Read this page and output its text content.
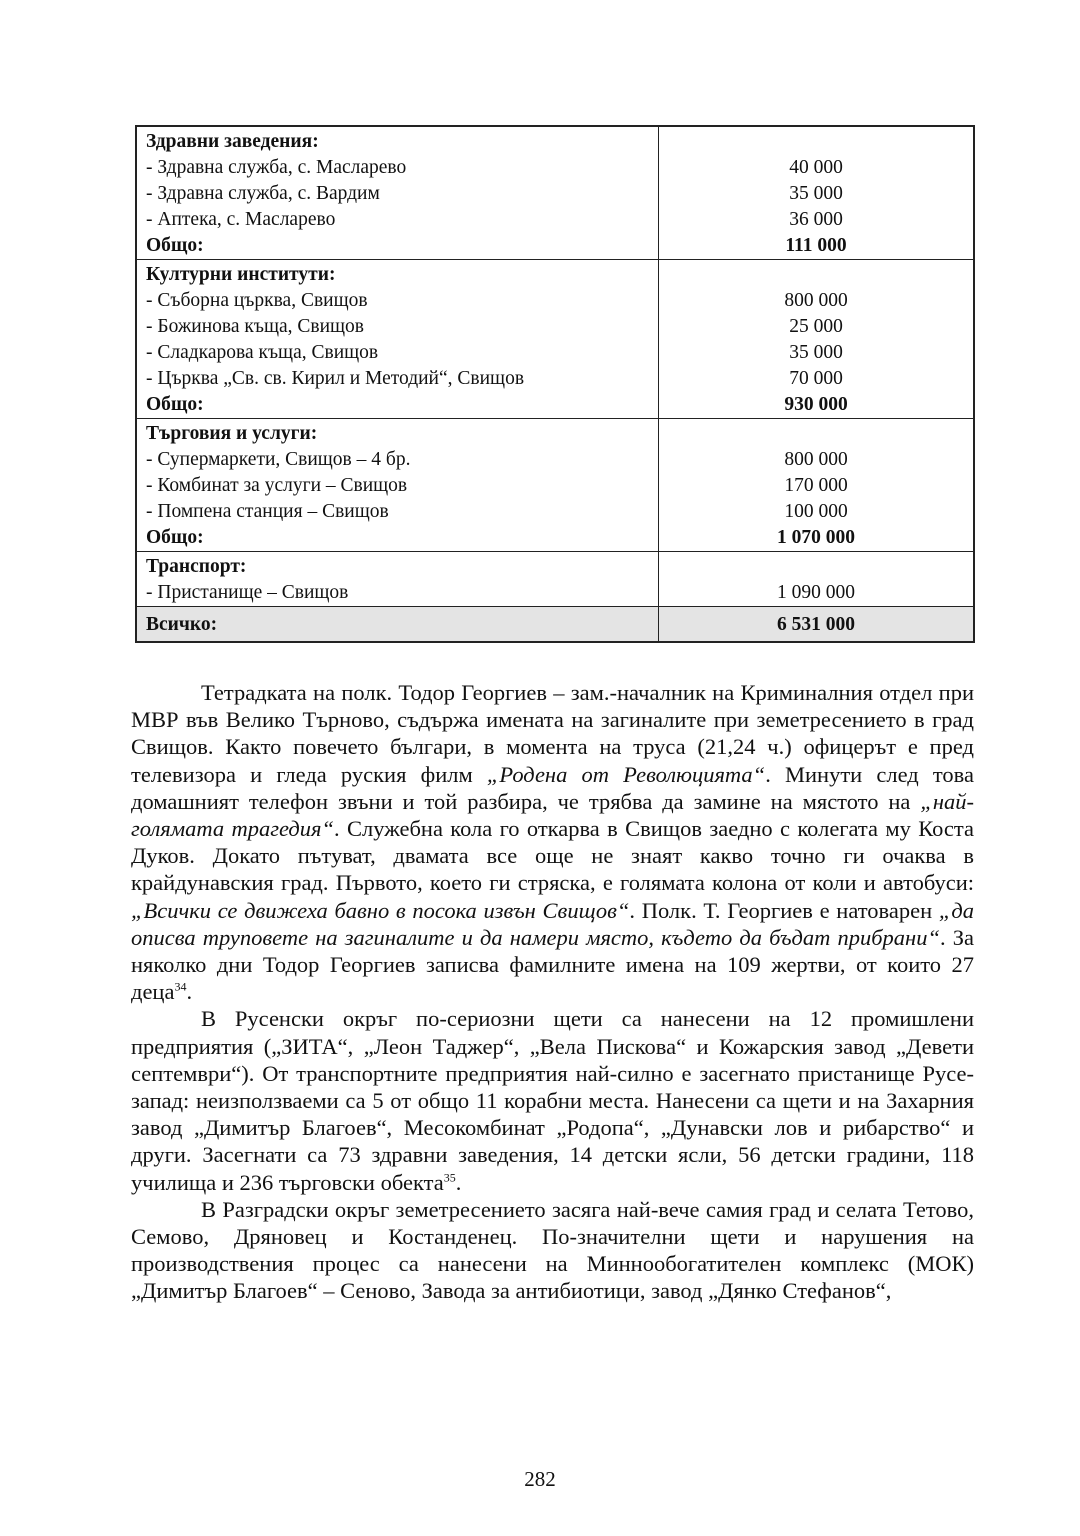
Здравни заведения:
- Здравна служба, с. Масларево
- Здравна служба, с. Вардим
- Аптека, с. Масларево
Общо:
40 000
35 000
36 000
111 000
Културни институти:
- Съборна църква, Свищов
- Божинова къща, Свищов
- Сладкарова къща, Свищов
- Църква „Св. св. Кирил и Методий“, Свищов
Общо:
800 000
25 000
35 000
70 000
930 000
Търговия и услуги:
- Супермаркети, Свищов – 4 бр.
- Комбинат за услуги – Свищов
- Помпена станция – Свищов
Общо:
800 000
170 000
100 000
1 070 000
Транспорт:
- Пристанище – Свищов	1 090 000
Всичко:	6 531 000

Тетрадката на полк. Тодор Георгиев – зам.-началник на Криминалния отдел при МВР във Велико Търново, съдържа имената на загиналите при земетресението в град Свищов. Както повечето българи, в момента на труса (21,24 ч.) офицерът е пред телевизора и гледа руския филм „Родена от Революцията“. Минути след това домашният телефон звъни и той разбира, че трябва да замине на мястото на „най-голямата трагедия“. Служебна кола го откарва в Свищов заедно с колегата му Коста Дуков. Докато пътуват, двамата все още не знаят какво точно ги очаква в крайдунавския град. Първото, което ги стряска, е голямата колона от коли и автобуси: „Всички се движеха бавно в посока извън Свищов“. Полк. Т. Георгиев е натоварен „да описва труповете на загиналите и да намери място, където да бъдат прибрани“. За няколко дни Тодор Георгиев записва фамилните имена на 109 жертви, от които 27 деца$^{34}$.

В Русенски окръг по-сериозни щети са нанесени на 12 промишлени предприятия („ЗИТА“, „Леон Таджер“, „Вела Пискова“ и Кожарския завод „Девети септември“). От транспортните предприятия най-силно е засегнато пристанище Русе-запад: неизползваеми са 5 от общо 11 корабни места. Нанесени са щети и на Захарния завод „Димитър Благоев“, Месокомбинат „Родопа“, „Дунавски лов и рибарство“ и други. Засегнати са 73 здравни заведения, 14 детски ясли, 56 детски градини, 118 училища и 236 търговски обекта$^{35}$.

В Разградски окръг земетресението засяга най-вече самия град и селата Тетово, Семово, Дряновец и Костанденец. По-значителни щети и нарушения на производствения процес са нанесени на Миннообогатителен комплекс (МОК) „Димитър Благоев“ – Сеново, Завода за антибиотици, завод „Дянко Стефанов“,

282
